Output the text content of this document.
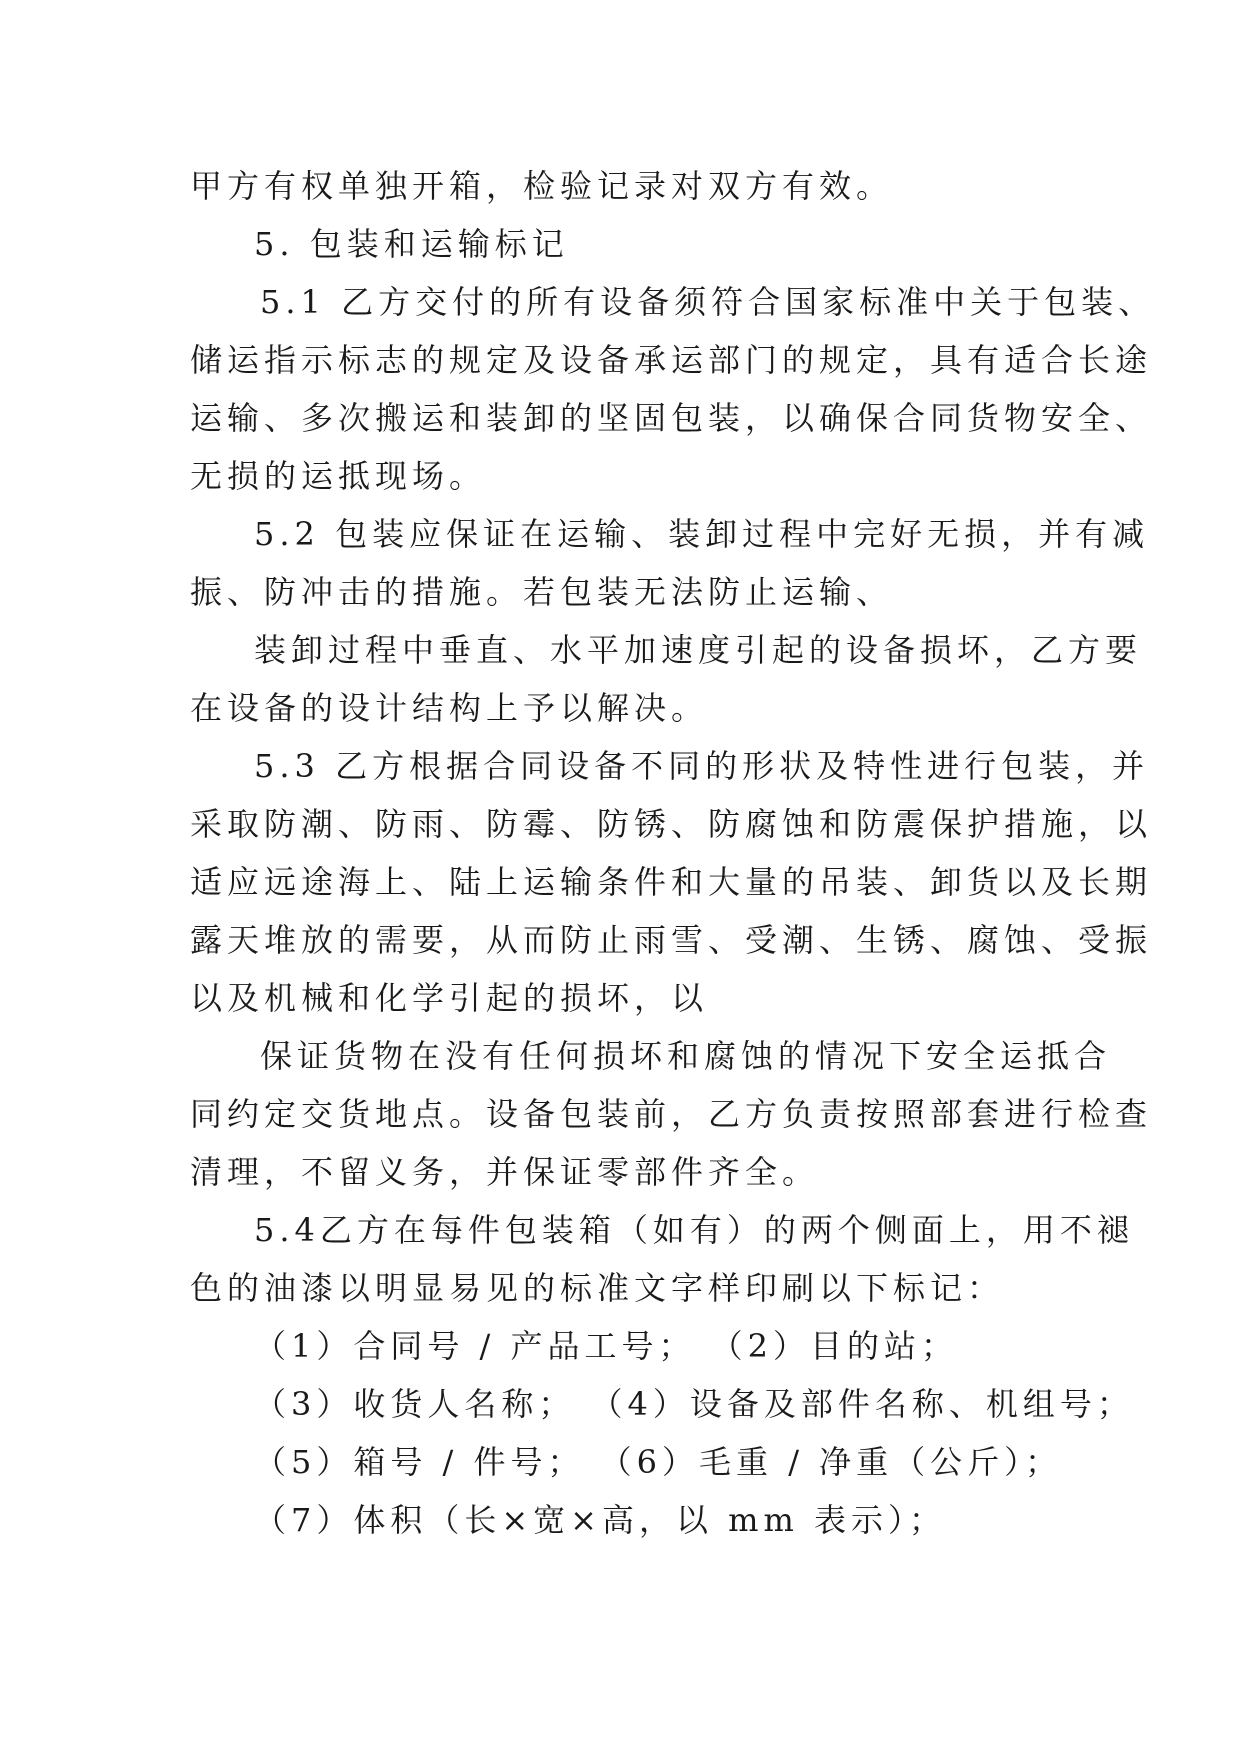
甲方有权单独开箱，检验记录对双方有效。

5. 包装和运输标记

5.1 乙方交付的所有设备须符合国家标准中关于包装、

储运指示标志的规定及设备承运部门的规定，具有适合长途

运输、多次搬运和装卸的坚固包装，以确保合同货物安全、

无损的运抵现场。

5.2 包装应保证在运输、装卸过程中完好无损，并有减

振、防冲击的措施。若包装无法防止运输、

装卸过程中垂直、水平加速度引起的设备损坏，乙方要

在设备的设计结构上予以解决。

5.3 乙方根据合同设备不同的形状及特性进行包装，并

采取防潮、防雨、防霉、防锈、防腐蚀和防震保护措施，以

适应远途海上、陆上运输条件和大量的吊装、卸货以及长期

露天堆放的需要，从而防止雨雪、受潮、生锈、腐蚀、受振

以及机械和化学引起的损坏，以

保证货物在没有任何损坏和腐蚀的情况下安全运抵合

同约定交货地点。设备包装前，乙方负责按照部套进行检查

清理，不留义务，并保证零部件齐全。

5.4乙方在每件包装箱（如有）的两个侧面上，用不褪

色的油漆以明显易见的标准文字样印刷以下标记：

（1）合同号 / 产品工号； （2）目的站；

（3）收货人名称； （4）设备及部件名称、机组号；

（5）箱号 / 件号； （6）毛重 / 净重（公斤）；

（7）体积（长×宽×高，以 mm 表示）；
